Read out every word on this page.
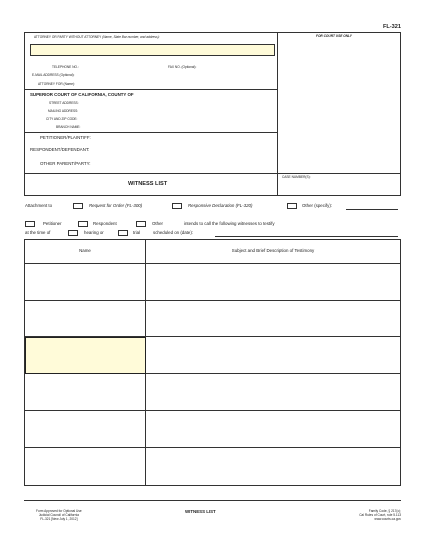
FL-321
ATTORNEY OR PARTY WITHOUT ATTORNEY (Name, State Bar number, and address):	FOR COURT USE ONLY
TELEPHONE NO.:	FAX NO. (Optional):
E-MAIL ADDRESS (Optional):
ATTORNEY FOR (Name):
SUPERIOR COURT OF CALIFORNIA, COUNTY OF
STREET ADDRESS:
MAILING ADDRESS:
CITY AND ZIP CODE:
BRANCH NAME:
PETITIONER/PLAINTIFF:
RESPONDENT/DEFENDANT:
OTHER PARENT/PARTY:
WITNESS LIST
CASE NUMBER(S):
Attachment to	Request for Order (FL-300)	Responsive Declaration (FL-320)	Other (specify):
Petitioner	Respondent	Other	intends to call the following witnesses to testify
at the time of	hearing or	trial	scheduled on (date):
Name	Subject and Brief Description of Testimony
Form Approved for Optional Use
Judicial Council of California
FL-321 [New July 1, 2012]
WITNESS LIST	Family Code, § 217(c);
Cal Rules of Court, rule 5.113
www.courts.ca.gov
